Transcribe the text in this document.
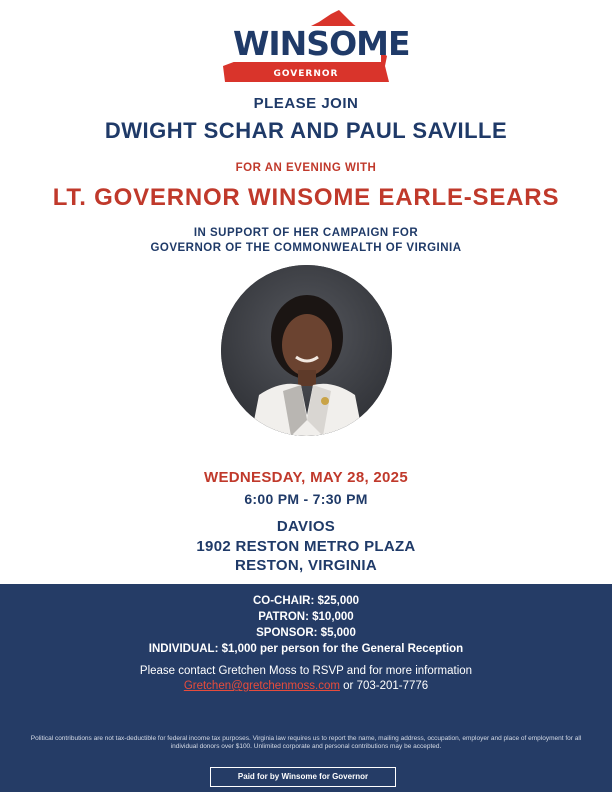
WINSOME
GOVERNOR
PLEASE JOIN
DWIGHT SCHAR AND PAUL SAVILLE
FOR AN EVENING WITH
LT. GOVERNOR WINSOME EARLE-SEARS
IN SUPPORT OF HER CAMPAIGN FOR
GOVERNOR OF THE COMMONWEALTH OF VIRGINIA
WEDNESDAY, MAY 28, 2025
6:00 PM - 7:30 PM
DAVIOS
1902 RESTON METRO PLAZA
RESTON, VIRGINIA
CO-CHAIR: $25,000
PATRON: $10,000
SPONSOR: $5,000
INDIVIDUAL: $1,000 per person for the General Reception
Please contact Gretchen Moss to RSVP and for more information
Gretchen@gretchenmoss.com or 703-201-7776
Political contributions are not tax-deductible for federal income tax purposes. Virginia law requires us to report the name, mailing address, occupation, employer and place of employment for all individual donors over $100. Unlimited corporate and personal contributions may be accepted.
Paid for by Winsome for Governor
